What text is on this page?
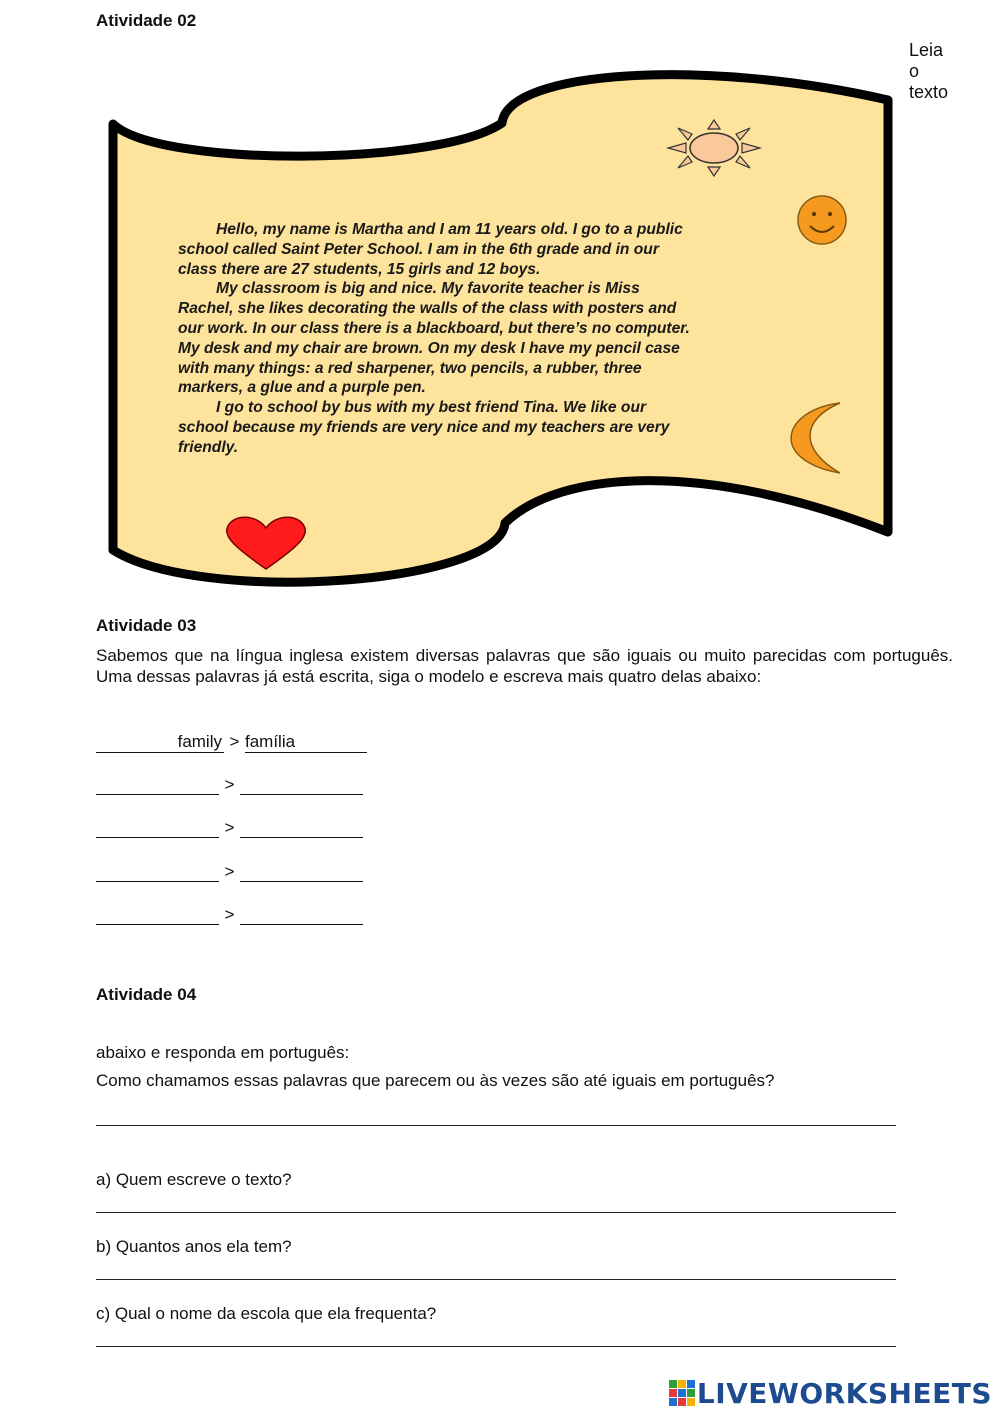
Atividade 02
Leia
o
texto

Hello, my name is Martha and I am 11 years old. I go to a public school called Saint Peter School. I am in the 6th grade and in our class there are 27 students, 15 girls and 12 boys.

My classroom is big and nice. My favorite teacher is Miss Rachel, she likes decorating the walls of the class with posters and our work. In our class there is a blackboard, but there’s no computer. My desk and my chair are brown. On my desk I have my pencil case with many things: a red sharpener, two pencils, a rubber, three markers, a glue and a purple pen.

I go to school by bus with my best friend Tina. We like our school because my friends are very nice and my teachers are very friendly.

Atividade 03
Sabemos que na língua inglesa existem diversas palavras que são iguais ou muito parecidas com português. Uma dessas palavras já está escrita, siga o modelo e escreva mais quatro delas abaixo:
family > família
>
>
>
>
Atividade 04
abaixo e responda em português:
Como chamamos essas palavras que parecem ou às vezes são até iguais em português?
a) Quem escreve o texto?
b) Quantos anos ela tem?
c) Qual o nome da escola que ela frequenta?
LIVEWORKSHEETS
